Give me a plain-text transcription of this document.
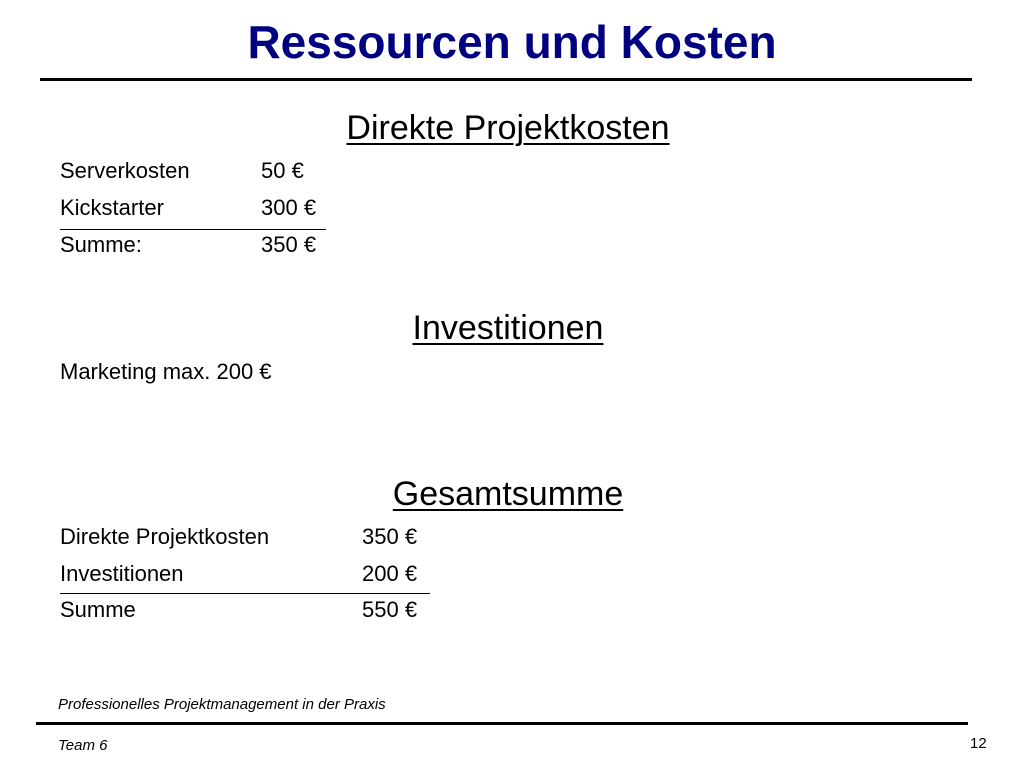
Ressourcen und Kosten
Direkte Projektkosten
Serverkosten	50 €
Kickstarter	300 €
Summe:	350 €
Investitionen
Marketing max. 200 €
Gesamtsumme
Direkte Projektkosten	350 €
Investitionen	200 €
Summe	550 €
Professionelles Projektmanagement in der Praxis
Team 6	12
